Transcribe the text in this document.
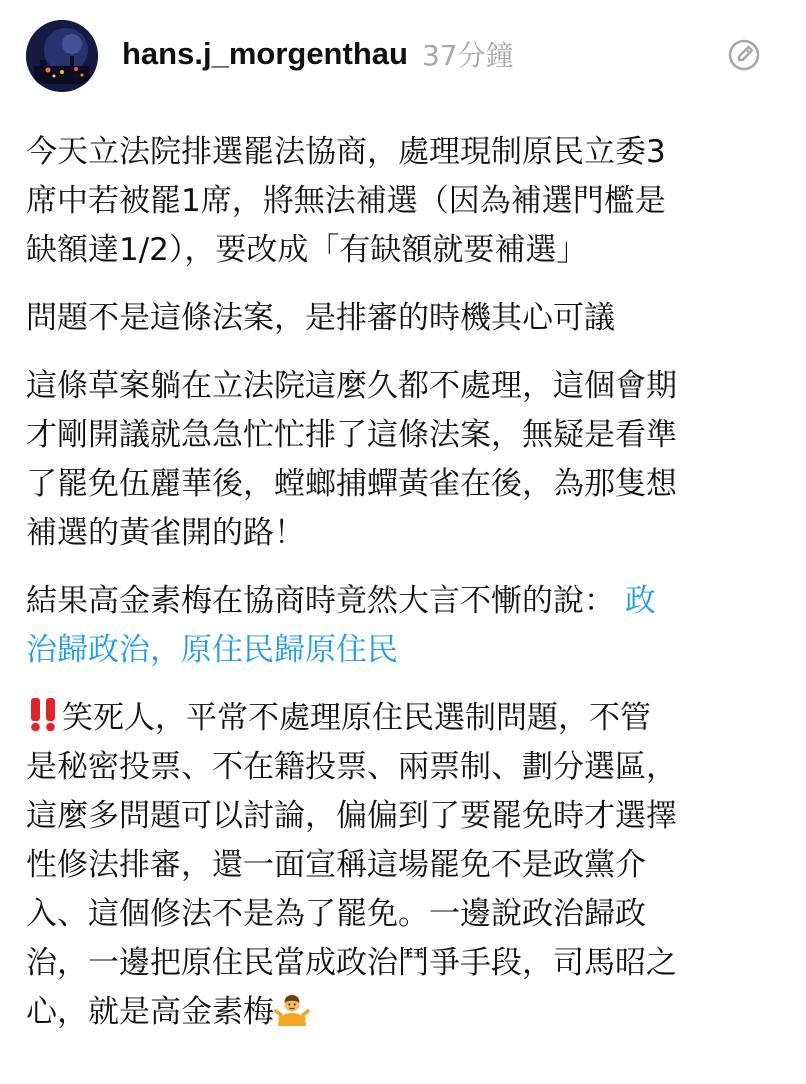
hans.j_morgenthau 37分鐘
今天立法院排選罷法協商，處理現制原民立委3
席中若被罷1席，將無法補選（因為補選門檻是
缺額達1/2），要改成「有缺額就要補選」
問題不是這條法案，是排審的時機其心可議
這條草案躺在立法院這麼久都不處理，這個會期
才剛開議就急急忙忙排了這條法案，無疑是看準
了罷免伍麗華後，螳螂捕蟬黃雀在後，為那隻想
補選的黃雀開的路！
結果高金素梅在協商時竟然大言不慚的說： 政
治歸政治，原住民歸原住民
笑死人，平常不處理原住民選制問題，不管
是秘密投票、不在籍投票、兩票制、劃分選區，
這麼多問題可以討論，偏偏到了要罷免時才選擇
性修法排審，還一面宣稱這場罷免不是政黨介
入、這個修法不是為了罷免。一邊說政治歸政
治，一邊把原住民當成政治鬥爭手段，司馬昭之
心，就是高金素梅
